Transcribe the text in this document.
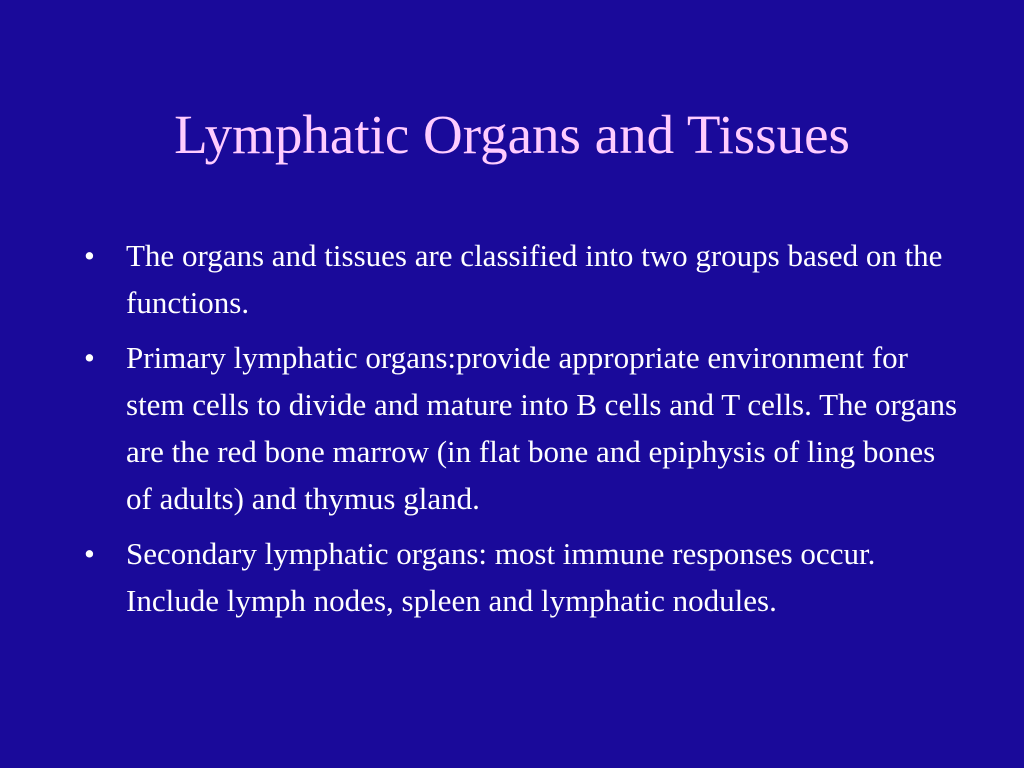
Lymphatic Organs and Tissues
•	The organs and tissues are classified into two groups based on the functions.
•	Primary lymphatic organs:provide appropriate environment for stem cells to divide and mature into B cells and T cells. The organs are the red bone marrow (in flat bone and epiphysis of ling bones of adults) and thymus gland.
•	Secondary lymphatic organs: most immune responses occur. Include lymph nodes, spleen and lymphatic nodules.
